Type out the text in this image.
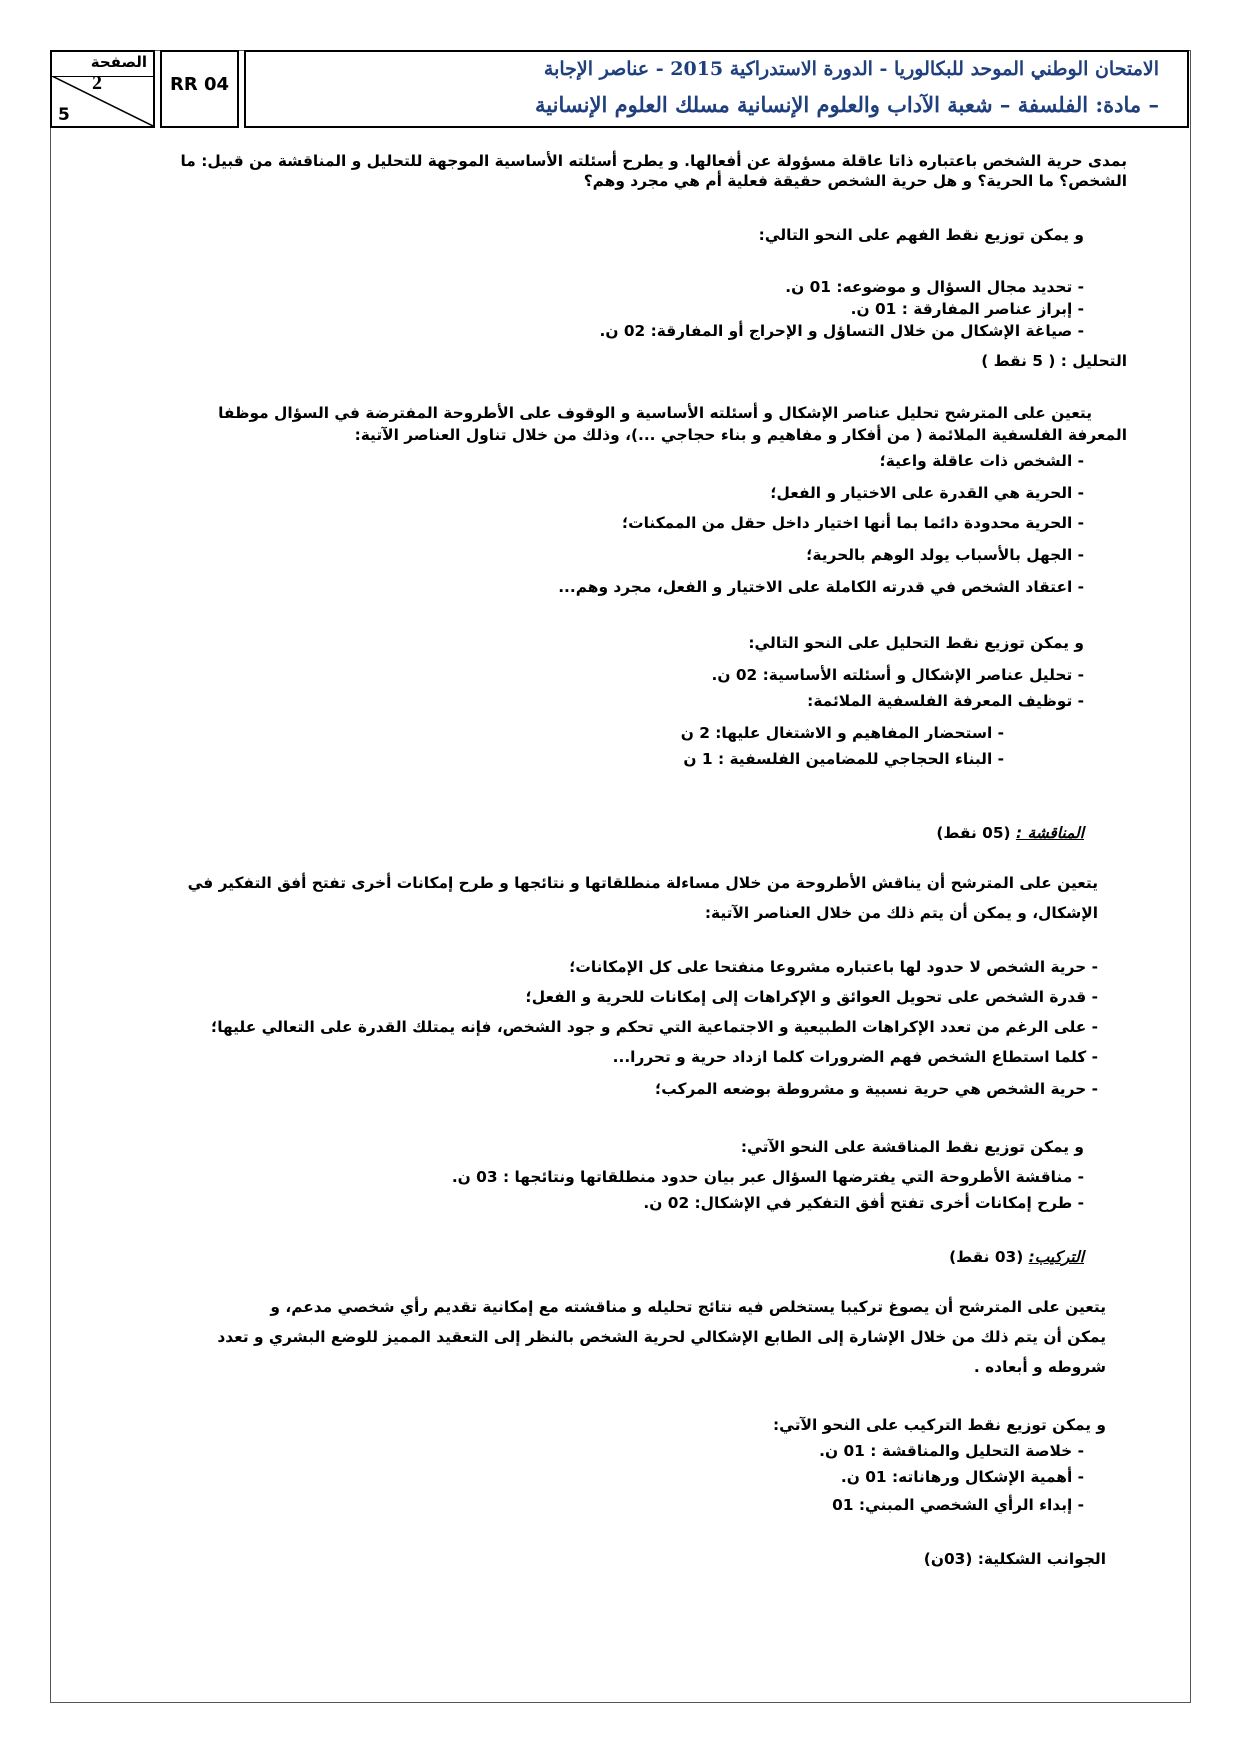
الصفحة
2
5
RR 04
الامتحان الوطني الموحد للبكالوريا - الدورة الاستدراكية 2015 - عناصر الإجابة
– مادة: الفلسفة – شعبة الآداب والعلوم الإنسانية مسلك العلوم الإنسانية
بمدى حرية الشخص باعتباره ذاتا عاقلة مسؤولة عن أفعالها. و يطرح أسئلته الأساسية الموجهة للتحليل و المناقشة من قبيل: ما
الشخص؟ ما الحرية؟ و هل حرية الشخص حقيقة فعلية أم هي مجرد وهم؟
و يمكن توزيع نقط الفهم على النحو التالي:
- تحديد مجال السؤال و موضوعه: 01 ن.
- إبراز عناصر المفارقة : 01 ن.
- صياغة الإشكال من خلال التساؤل و الإحراج أو المفارقة: 02 ن.
التحليل : ( 5 نقط )
يتعين على المترشح تحليل عناصر الإشكال و أسئلته الأساسية و الوقوف على الأطروحة المفترضة في السؤال موظفا
المعرفة الفلسفية الملائمة ( من أفكار و مفاهيم و بناء حجاجي ...)، وذلك من خلال تناول العناصر الآتية:
- الشخص ذات عاقلة واعية؛
- الحرية هي القدرة على الاختيار و الفعل؛
- الحرية محدودة دائما بما أنها اختيار داخل حقل من الممكنات؛
- الجهل بالأسباب يولد الوهم بالحرية؛
- اعتقاد الشخص في قدرته الكاملة على الاختيار و الفعل، مجرد وهم...
و يمكن توزيع نقط التحليل على النحو التالي:
- تحليل عناصر الإشكال و أسئلته الأساسية: 02 ن.
- توظيف المعرفة الفلسفية الملائمة:
- استحضار المفاهيم و الاشتغال عليها: 2 ن
- البناء الحجاجي للمضامين الفلسفية : 1 ن
المناقشة : (05 نقط)
يتعين على المترشح أن يناقش الأطروحة من خلال مساءلة منطلقاتها و نتائجها و طرح إمكانات أخرى تفتح أفق التفكير في
الإشكال، و يمكن أن يتم ذلك من خلال العناصر الآتية:
- حرية الشخص لا حدود لها باعتباره مشروعا منفتحا على كل الإمكانات؛
- قدرة الشخص على تحويل العوائق و الإكراهات إلى إمكانات للحرية و الفعل؛
- على الرغم من تعدد الإكراهات الطبيعية و الاجتماعية التي تحكم و جود الشخص، فإنه يمتلك القدرة على التعالي عليها؛
- كلما استطاع الشخص فهم الضرورات كلما ازداد حرية و تحررا...
- حرية الشخص هي حرية نسبية و مشروطة بوضعه المركب؛
و يمكن توزيع نقط المناقشة على النحو الآتي:
- مناقشة الأطروحة التي يفترضها السؤال عبر بيان حدود منطلقاتها ونتائجها : 03 ن.
- طرح إمكانات أخرى تفتح أفق التفكير في الإشكال: 02 ن.
التركيب: (03 نقط)
يتعين على المترشح أن يصوغ تركيبا يستخلص فيه نتائج تحليله و مناقشته مع إمكانية تقديم رأي شخصي مدعم، و
يمكن أن يتم ذلك من خلال الإشارة إلى الطابع الإشكالي لحرية الشخص بالنظر إلى التعقيد المميز للوضع البشري و تعدد
شروطه و أبعاده .
و يمكن توزيع نقط التركيب على النحو الآتي:
- خلاصة التحليل والمناقشة : 01 ن.
- أهمية الإشكال ورهاناته: 01 ن.
- إبداء الرأي الشخصي المبني: 01
الجوانب الشكلية: (03ن)
